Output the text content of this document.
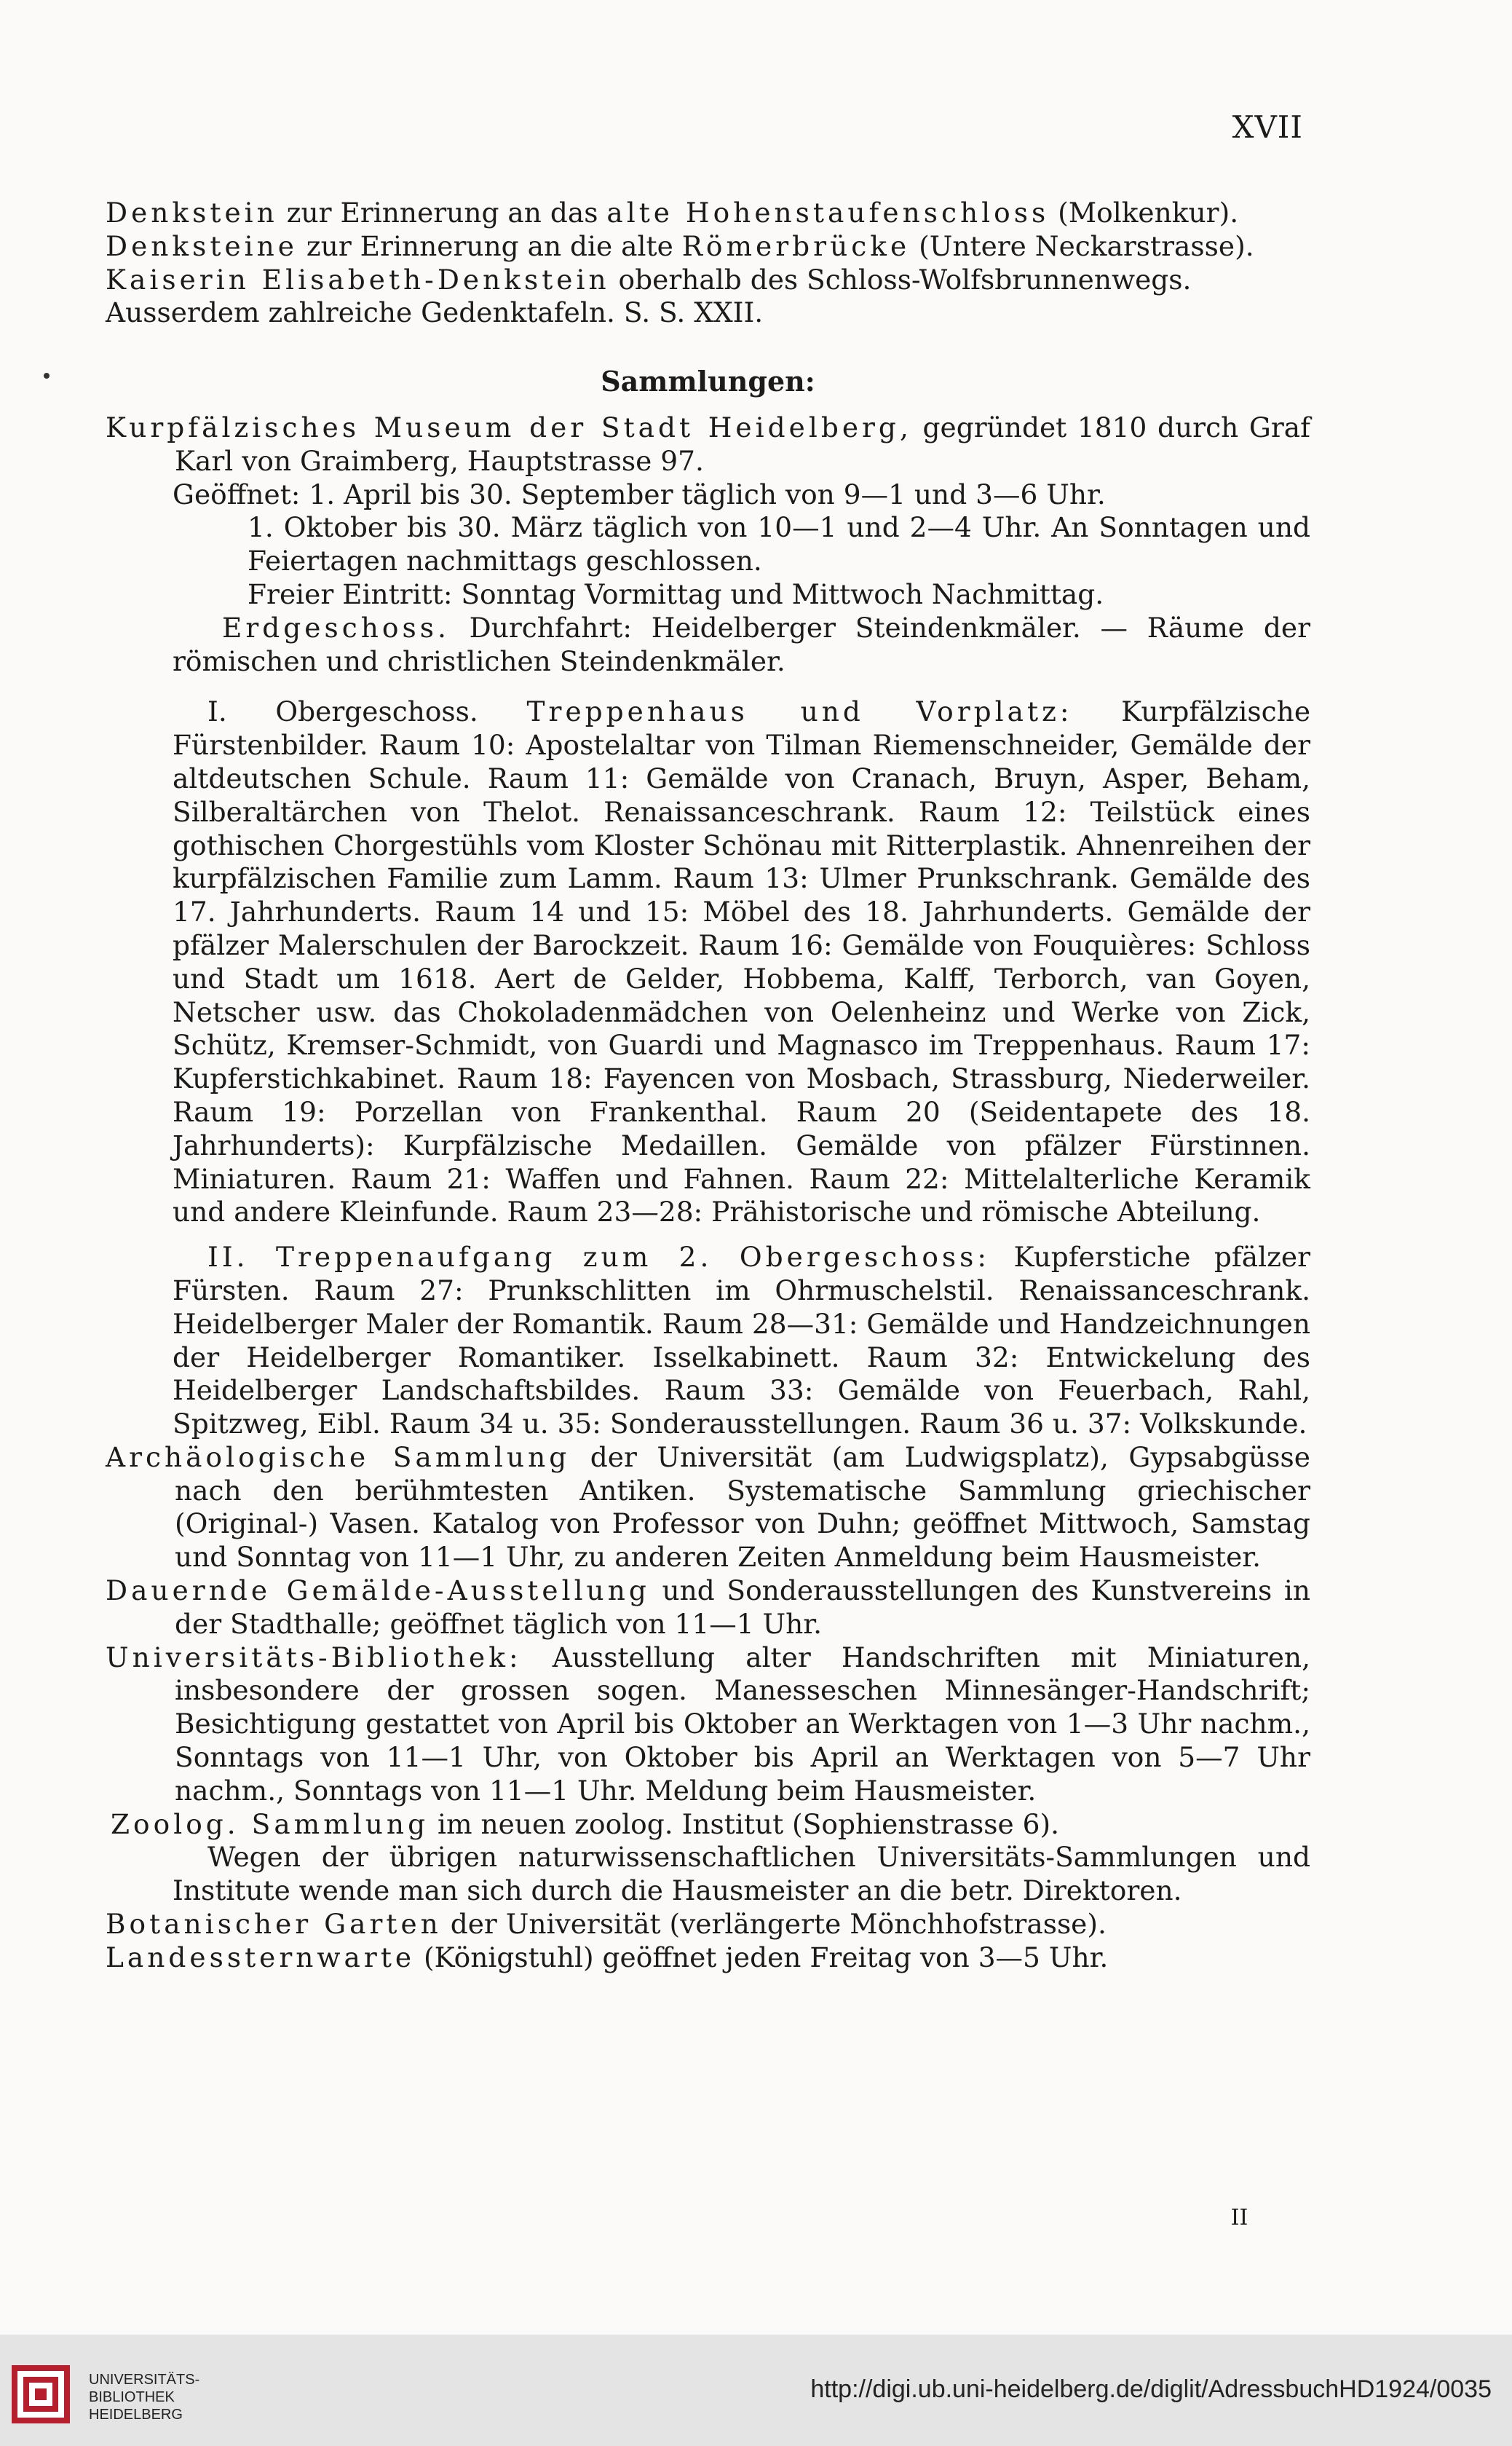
XVII

Denkstein zur Erinnerung an das alte Hohenstaufenschloss (Molkenkur).

Denksteine zur Erinnerung an die alte Römerbrücke (Untere Neckarstrasse).

Kaiserin Elisabeth-Denkstein oberhalb des Schloss-Wolfsbrunnenwegs.

Ausserdem zahlreiche Gedenktafeln. S. S. XXII.

Sammlungen:

Kurpfälzisches Museum der Stadt Heidelberg, gegründet 1810 durch Graf Karl von Graimberg, Hauptstrasse 97.

Geöffnet: 1. April bis 30. September täglich von 9—1 und 3—6 Uhr.

1. Oktober bis 30. März täglich von 10—1 und 2—4 Uhr. An Sonntagen und Feiertagen nachmittags geschlossen.

Freier Eintritt: Sonntag Vormittag und Mittwoch Nachmittag.

Erdgeschoss. Durchfahrt: Heidelberger Steindenkmäler. — Räume der römischen und christlichen Steindenkmäler.

I. Obergeschoss. Treppenhaus und Vorplatz: Kurpfälzische Fürstenbilder. Raum 10: Apostelaltar von Tilman Riemenschneider, Gemälde der altdeutschen Schule. Raum 11: Gemälde von Cranach, Bruyn, Asper, Beham, Silberaltärchen von Thelot. Renaissanceschrank. Raum 12: Teilstück eines gothischen Chorgestühls vom Kloster Schönau mit Ritterplastik. Ahnenreihen der kurpfälzischen Familie zum Lamm. Raum 13: Ulmer Prunkschrank. Gemälde des 17. Jahrhunderts. Raum 14 und 15: Möbel des 18. Jahrhunderts. Gemälde der pfälzer Malerschulen der Barockzeit. Raum 16: Gemälde von Fouquières: Schloss und Stadt um 1618. Aert de Gelder, Hobbema, Kalff, Terborch, van Goyen, Netscher usw. das Chokoladenmädchen von Oelenheinz und Werke von Zick, Schütz, Kremser-Schmidt, von Guardi und Magnasco im Treppenhaus. Raum 17: Kupferstichkabinet. Raum 18: Fayencen von Mosbach, Strassburg, Niederweiler. Raum 19: Porzellan von Frankenthal. Raum 20 (Seidentapete des 18. Jahrhunderts): Kurpfälzische Medaillen. Gemälde von pfälzer Fürstinnen. Miniaturen. Raum 21: Waffen und Fahnen. Raum 22: Mittelalterliche Keramik und andere Kleinfunde. Raum 23—28: Prähistorische und römische Abteilung.

II. Treppenaufgang zum 2. Obergeschoss: Kupferstiche pfälzer Fürsten. Raum 27: Prunkschlitten im Ohrmuschelstil. Renaissanceschrank. Heidelberger Maler der Romantik. Raum 28—31: Gemälde und Handzeichnungen der Heidelberger Romantiker. Isselkabinett. Raum 32: Entwickelung des Heidelberger Landschaftsbildes. Raum 33: Gemälde von Feuerbach, Rahl, Spitzweg, Eibl. Raum 34 u. 35: Sonderausstellungen. Raum 36 u. 37: Volkskunde.

Archäologische Sammlung der Universität (am Ludwigsplatz), Gypsabgüsse nach den berühmtesten Antiken. Systematische Sammlung griechischer (Original-) Vasen. Katalog von Professor von Duhn; geöffnet Mittwoch, Samstag und Sonntag von 11—1 Uhr, zu anderen Zeiten Anmeldung beim Hausmeister.

Dauernde Gemälde-Ausstellung und Sonderausstellungen des Kunstvereins in der Stadthalle; geöffnet täglich von 11—1 Uhr.

Universitäts-Bibliothek: Ausstellung alter Handschriften mit Miniaturen, insbesondere der grossen sogen. Manesseschen Minnesänger-Handschrift; Besichtigung gestattet von April bis Oktober an Werktagen von 1—3 Uhr nachm., Sonntags von 11—1 Uhr, von Oktober bis April an Werktagen von 5—7 Uhr nachm., Sonntags von 11—1 Uhr. Meldung beim Hausmeister.

Zoolog. Sammlung im neuen zoolog. Institut (Sophienstrasse 6).

Wegen der übrigen naturwissenschaftlichen Universitäts-Sammlungen und Institute wende man sich durch die Hausmeister an die betr. Direktoren.

Botanischer Garten der Universität (verlängerte Mönchhofstrasse).

Landessternwarte (Königstuhl) geöffnet jeden Freitag von 3—5 Uhr.

II
UNIVERSITÄTS-
BIBLIOTHEK
HEIDELBERG
http://digi.ub.uni-heidelberg.de/diglit/AdressbuchHD1924/0035
